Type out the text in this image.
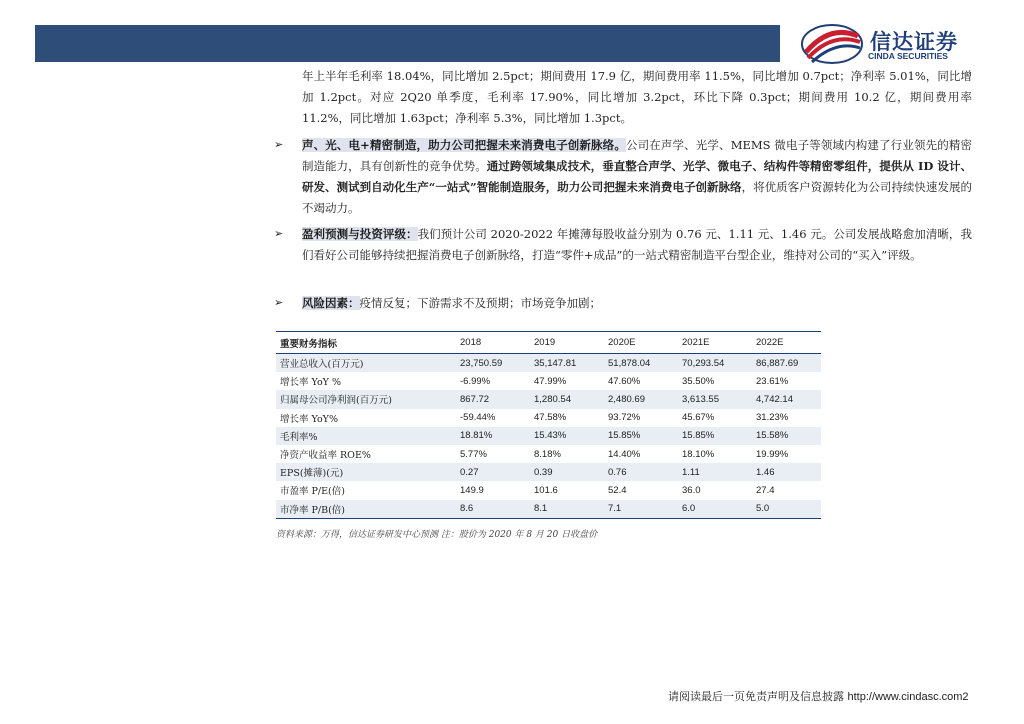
信达证券
CINDA SECURITIES
年上半年毛利率 18.04%，同比增加 2.5pct；期间费用 17.9 亿，期间费用率 11.5%，同比增加 0.7pct；净利率 5.01%，同比增加 1.2pct。对应 2Q20 单季度，毛利率 17.90%，同比增加 3.2pct，环比下降 0.3pct；期间费用 10.2 亿，期间费用率 11.2%，同比增加 1.63pct；净利率 5.3%，同比增加 1.3pct。
➢ 声、光、电+精密制造，助力公司把握未来消费电子创新脉络。公司在声学、光学、MEMS 微电子等领域内构建了行业领先的精密制造能力，具有创新性的竞争优势。通过跨领域集成技术，垂直整合声学、光学、微电子、结构件等精密零组件，提供从 ID 设计、研发、测试到自动化生产“一站式”智能制造服务，助力公司把握未来消费电子创新脉络，将优质客户资源转化为公司持续快速发展的不竭动力。
➢ 盈利预测与投资评级：我们预计公司 2020-2022 年摊薄每股收益分别为 0.76 元、1.11 元、1.46 元。公司发展战略愈加清晰，我们看好公司能够持续把握消费电子创新脉络，打造“零件+成品”的一站式精密制造平台型企业，维持对公司的“买入”评级。
➢ 风险因素：疫情反复；下游需求不及预期；市场竞争加剧；
重要财务指标	2018	2019	2020E	2021E	2022E
营业总收入(百万元)	23,750.59	35,147.81	51,878.04	70,293.54	86,887.69
增长率 YoY %	-6.99%	47.99%	47.60%	35.50%	23.61%
归属母公司净利润(百万元)	867.72	1,280.54	2,480.69	3,613.55	4,742.14
增长率 YoY%	-59.44%	47.58%	93.72%	45.67%	31.23%
毛利率%	18.81%	15.43%	15.85%	15.85%	15.58%
净资产收益率 ROE%	5.77%	8.18%	14.40%	18.10%	19.99%
EPS(摊薄)(元)	0.27	0.39	0.76	1.11	1.46
市盈率 P/E(倍)	149.9	101.6	52.4	36.0	27.4
市净率 P/B(倍)	8.6	8.1	7.1	6.0	5.0
资料来源：万得，信达证券研发中心预测 注：股价为 2020 年 8 月 20 日收盘价
请阅读最后一页免责声明及信息披露 http://www.cindasc.com2
